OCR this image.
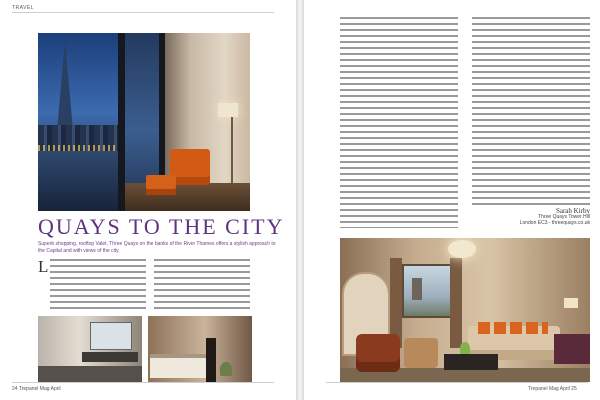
TRAVEL
QUAYS TO THE CITY
Superb shopping, rooftop Valet, Three Quays on the banks of the River Thames offers a stylish approach to the Capital and with views of the city.
L
24 Trepanel Mag April
Sarah Kirby
Three Quays Tower Hill
London EC3 - threequays.co.uk
Trepanel Mag April 25
